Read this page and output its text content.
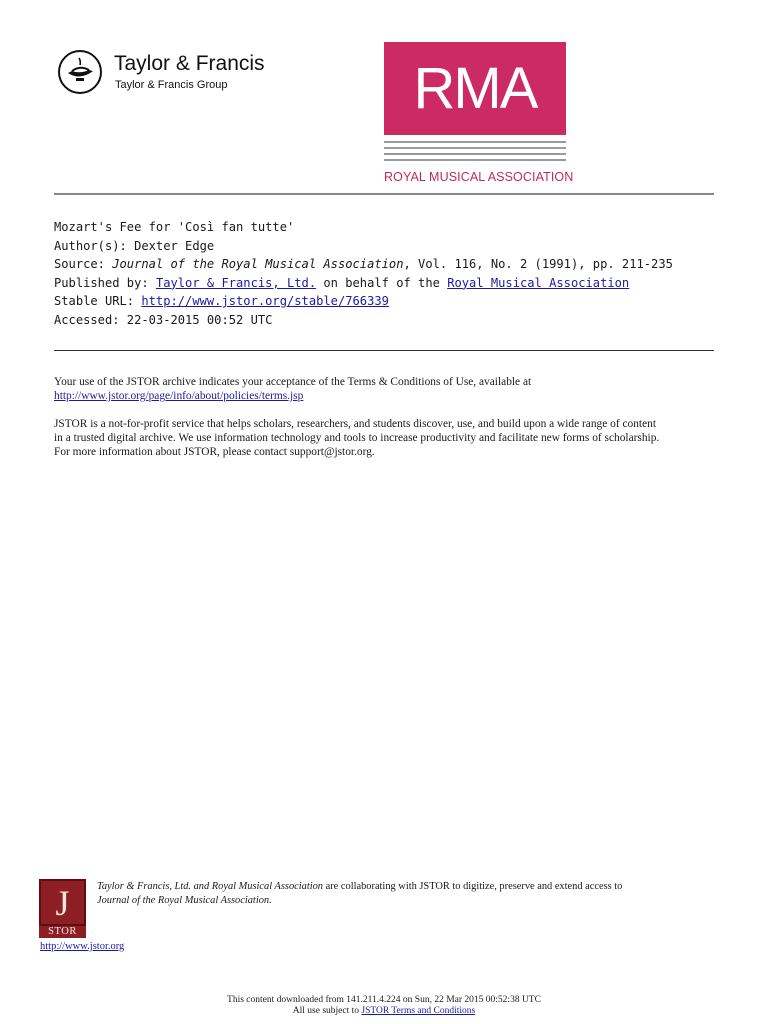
Taylor & Francis
Taylor & Francis Group	RMA
ROYAL MUSICAL ASSOCIATION
Mozart's Fee for 'Così fan tutte'
Author(s): Dexter Edge
Source: Journal of the Royal Musical Association, Vol. 116, No. 2 (1991), pp. 211-235
Published by: Taylor & Francis, Ltd. on behalf of the Royal Musical Association
Stable URL: http://www.jstor.org/stable/766339
Accessed: 22-03-2015 00:52 UTC
Your use of the JSTOR archive indicates your acceptance of the Terms & Conditions of Use, available at
http://www.jstor.org/page/info/about/policies/terms.jsp
JSTOR is a not-for-profit service that helps scholars, researchers, and students discover, use, and build upon a wide range of content
in a trusted digital archive. We use information technology and tools to increase productivity and facilitate new forms of scholarship.
For more information about JSTOR, please contact support@jstor.org.
J
STOR
Taylor & Francis, Ltd. and Royal Musical Association are collaborating with JSTOR to digitize, preserve and extend access to
Journal of the Royal Musical Association.
http://www.jstor.org
This content downloaded from 141.211.4.224 on Sun, 22 Mar 2015 00:52:38 UTC
All use subject to JSTOR Terms and Conditions
